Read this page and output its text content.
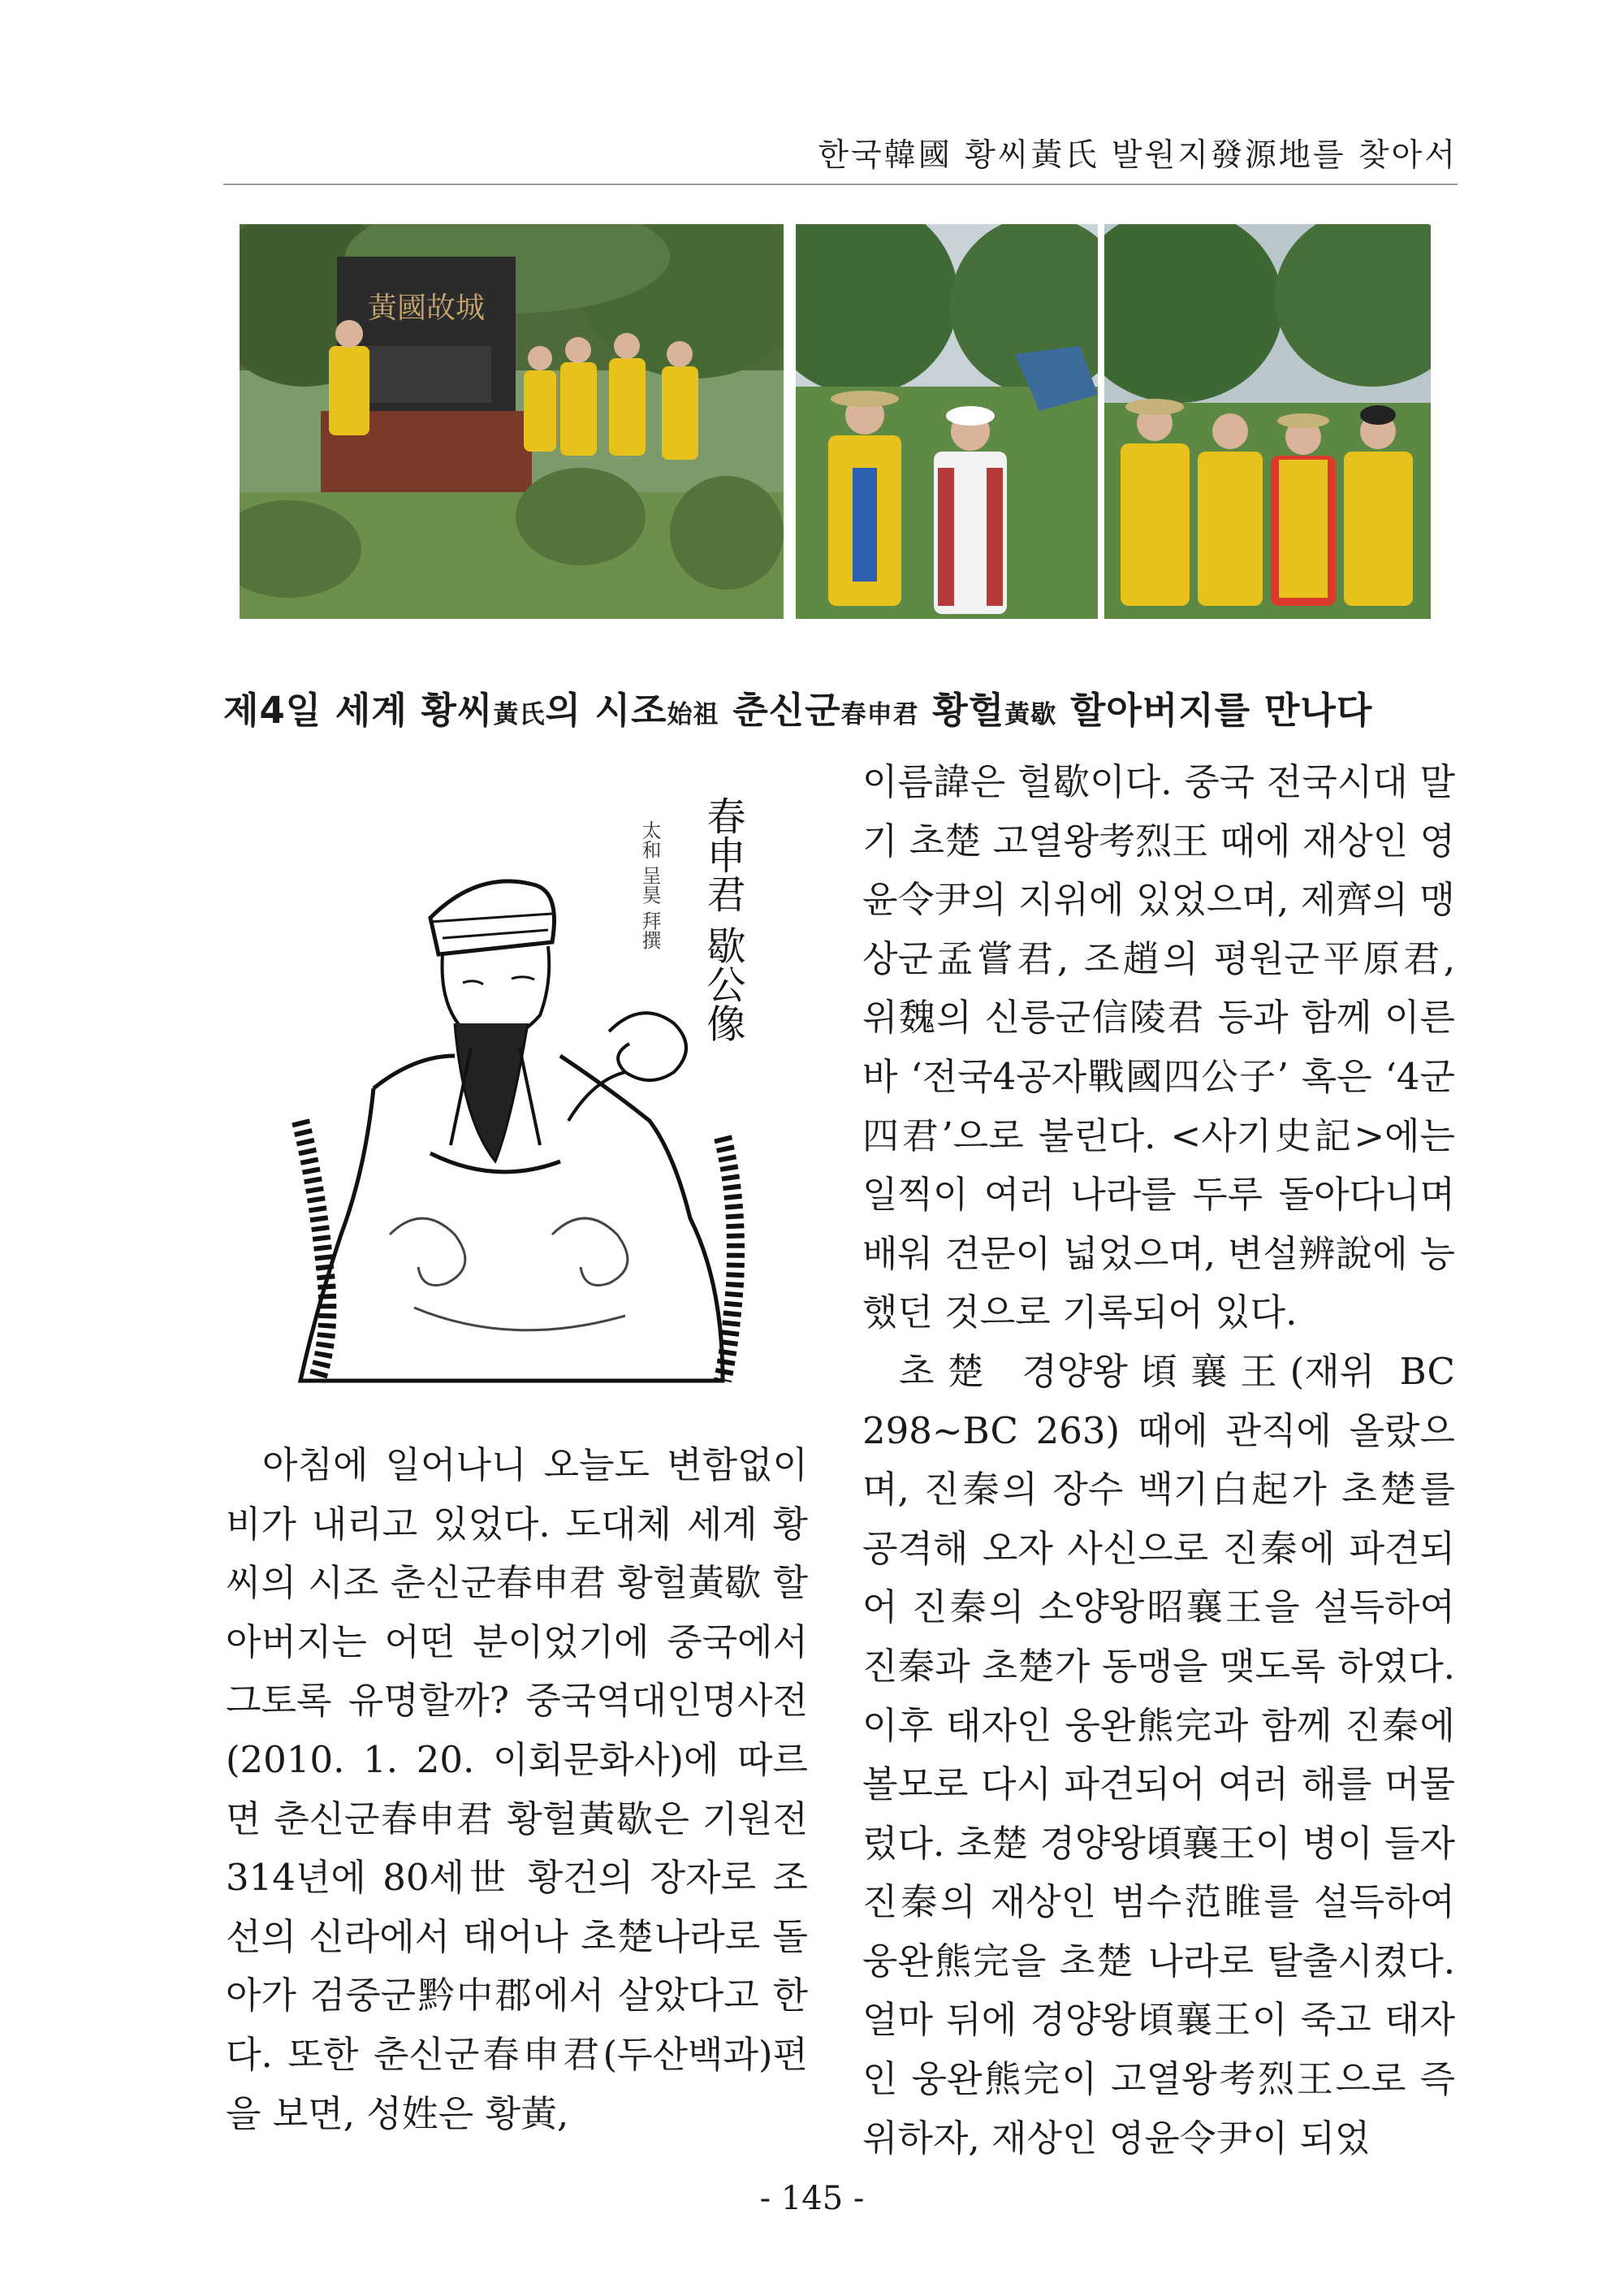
한국韓國 황씨黃氏 발원지發源地를 찾아서
黃國故城
제4일 세계 황씨黃氏의 시조始祖 춘신군春申君 황헐黃歇 할아버지를 만나다
春申君 歇公像
太和 呈昊 拜撰

아침에 일어나니 오늘도 변함없이 비가 내리고 있었다. 도대체 세계 황씨의 시조 춘신군春申君 황헐黃歇 할아버지는 어떤 분이었기에 중국에서 그토록 유명할까? 중국역대인명사전(2010. 1. 20. 이회문화사)에 따르면 춘신군春申君 황헐黃歇은 기원전 314년에 80세世 황건의 장자로 조선의 신라에서 태어나 초楚나라로 돌아가 검중군黔中郡에서 살았다고 한다. 또한 춘신군春申君(두산백과)편을 보면, 성姓은 황黃,

이름諱은 헐歇이다. 중국 전국시대 말기 초楚 고열왕考烈王 때에 재상인 영윤令尹의 지위에 있었으며, 제齊의 맹상군孟嘗君, 조趙의 평원군平原君, 위魏의 신릉군信陵君 등과 함께 이른바 ‘전국4공자戰國四公子’ 혹은 ‘4군四君’으로 불린다. <사기史記>에는 일찍이 여러 나라를 두루 돌아다니며 배워 견문이 넓었으며, 변설辨說에 능했던 것으로 기록되어 있다.

초楚 경양왕頃襄王(재위 BC 298~BC 263) 때에 관직에 올랐으며, 진秦의 장수 백기白起가 초楚를 공격해 오자 사신으로 진秦에 파견되어 진秦의 소양왕昭襄王을 설득하여 진秦과 초楚가 동맹을 맺도록 하였다. 이후 태자인 웅완熊完과 함께 진秦에 볼모로 다시 파견되어 여러 해를 머물렀다. 초楚 경양왕頃襄王이 병이 들자 진秦의 재상인 범수范睢를 설득하여 웅완熊完을 초楚 나라로 탈출시켰다. 얼마 뒤에 경양왕頃襄王이 죽고 태자인 웅완熊完이 고열왕考烈王으로 즉위하자, 재상인 영윤令尹이 되었

- 145 -
